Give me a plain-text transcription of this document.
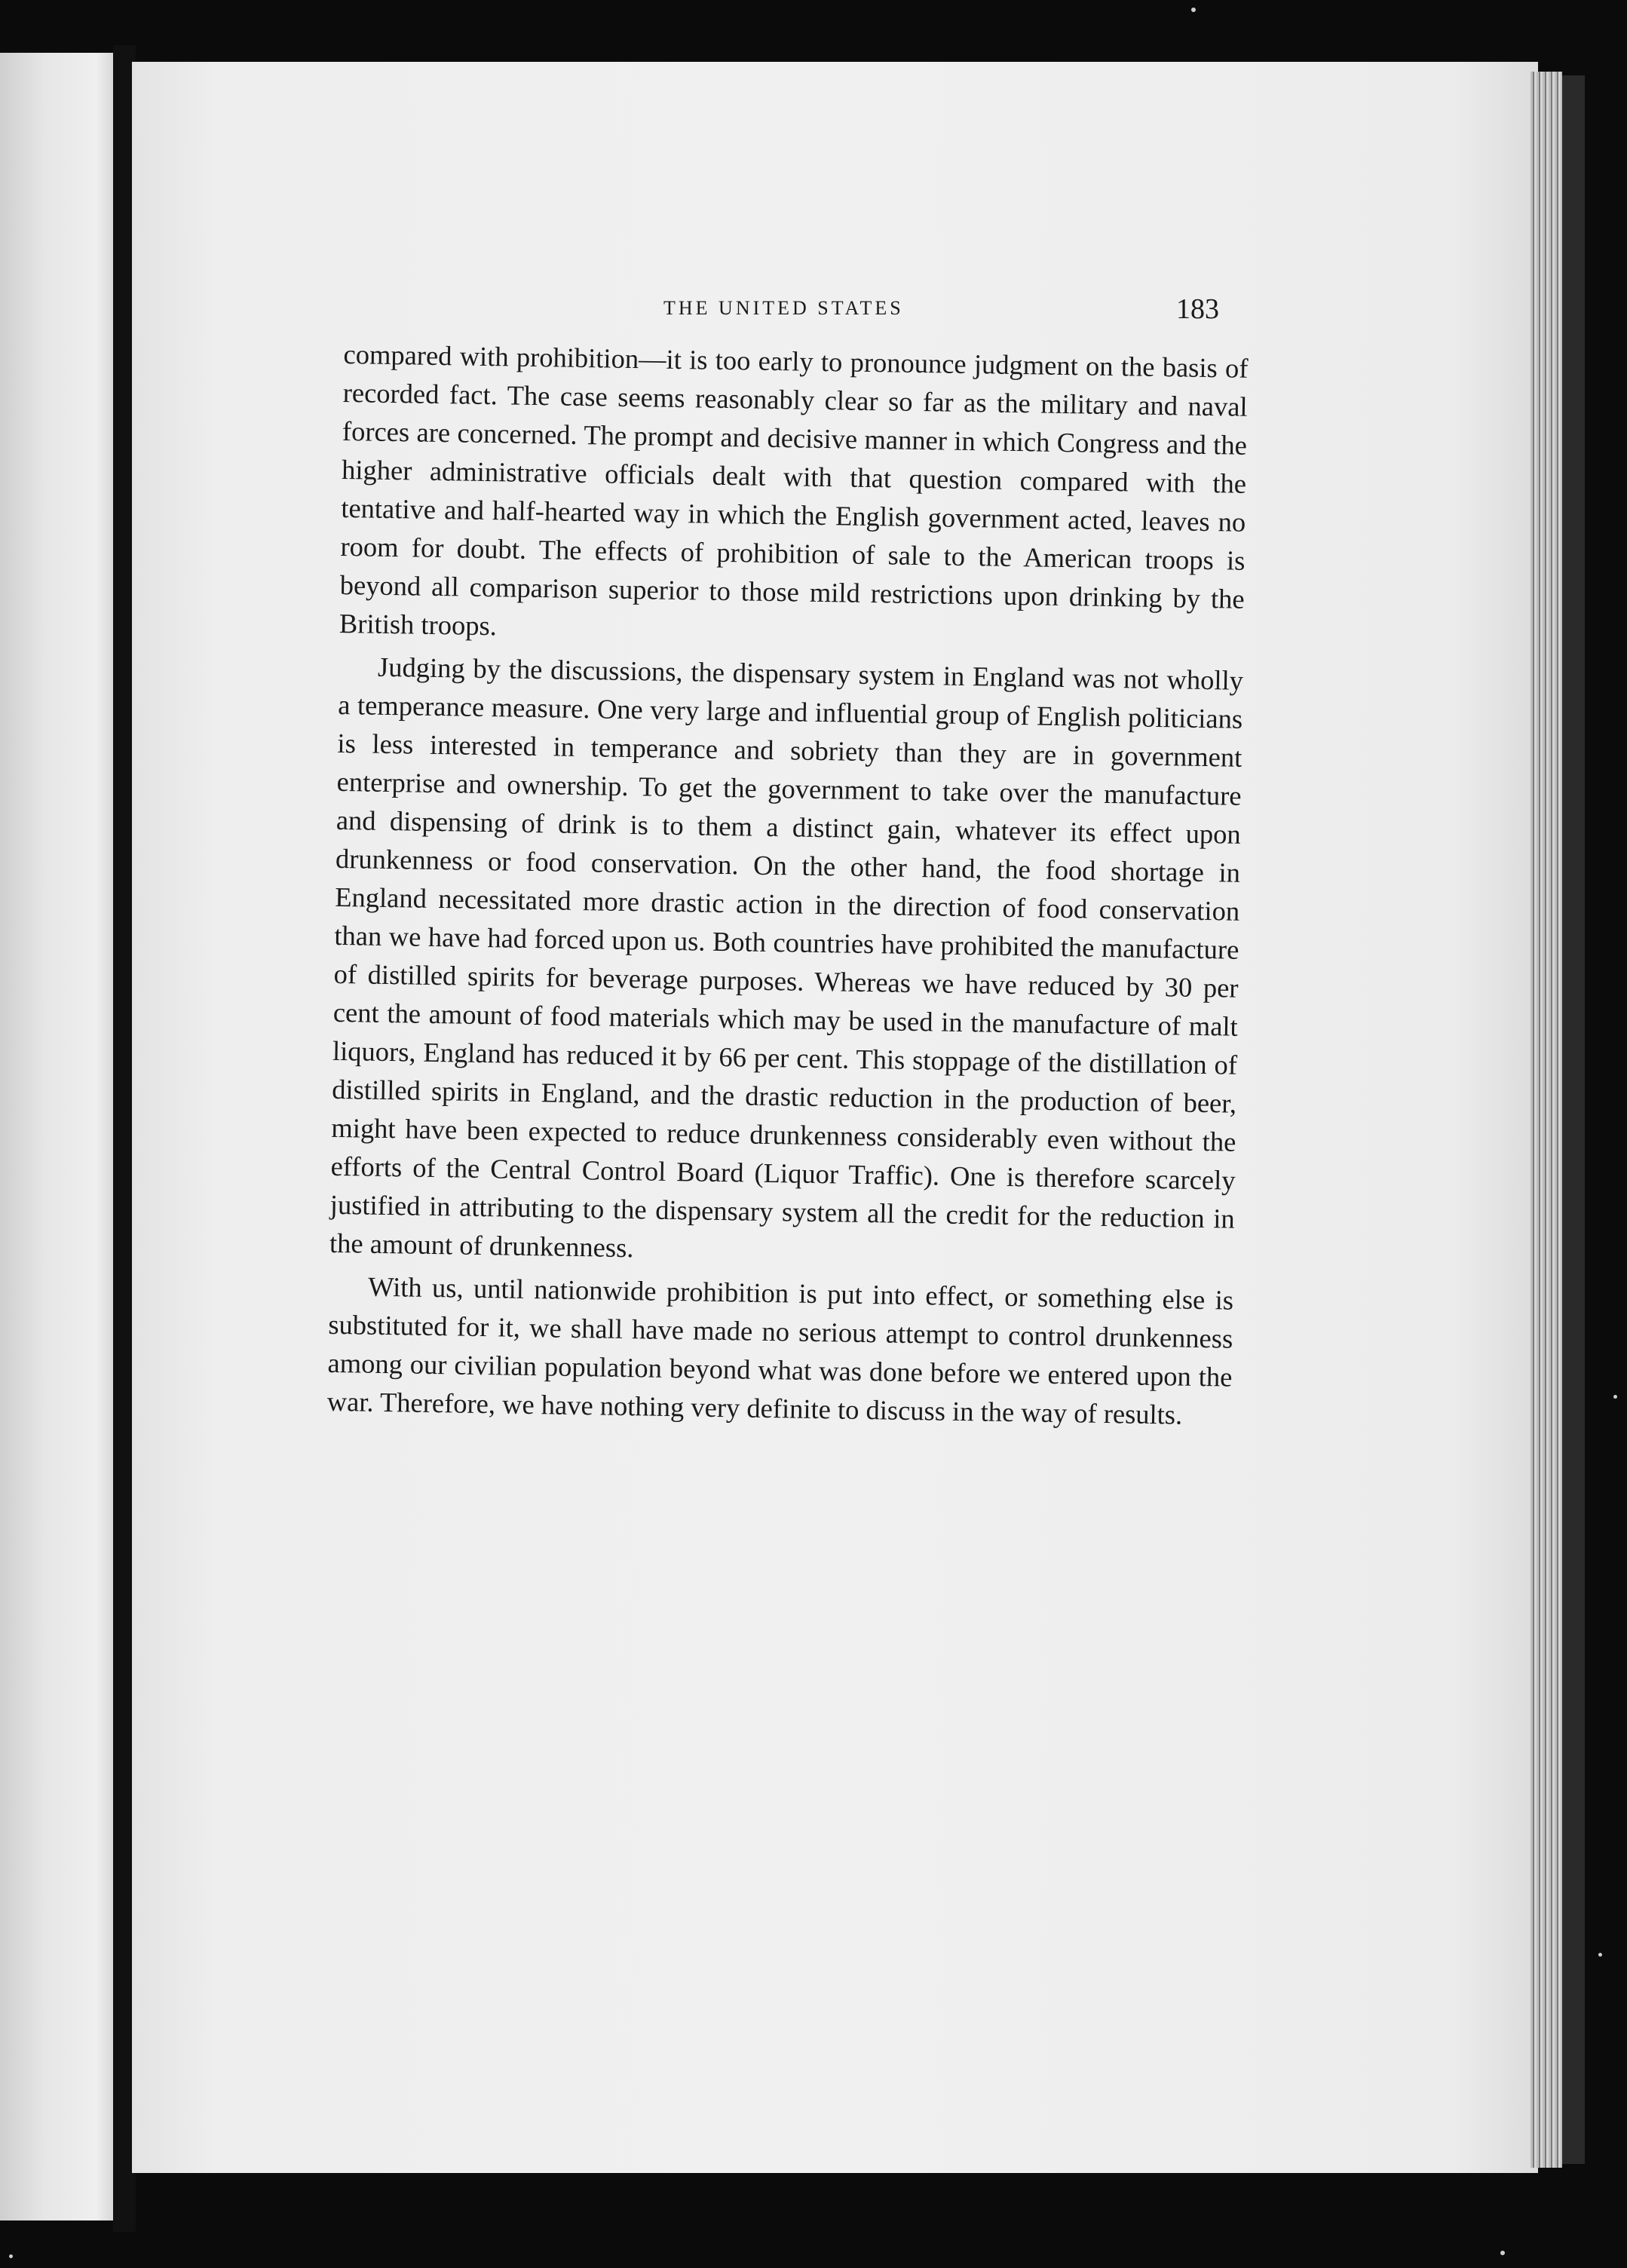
THE UNITED STATES	183

compared with prohibition—it is too early to pronounce judgment on the basis of recorded fact. The case seems reasonably clear so far as the military and naval forces are concerned. The prompt and decisive manner in which Congress and the higher administrative officials dealt with that question compared with the tentative and half-hearted way in which the English government acted, leaves no room for doubt. The effects of prohibition of sale to the American troops is beyond all comparison superior to those mild restrictions upon drinking by the British troops.

Judging by the discussions, the dispensary system in England was not wholly a temperance measure. One very large and influential group of English politicians is less interested in temperance and sobriety than they are in government enterprise and ownership. To get the government to take over the manufacture and dispensing of drink is to them a distinct gain, whatever its effect upon drunkenness or food conservation. On the other hand, the food shortage in England necessitated more drastic action in the direction of food conservation than we have had forced upon us. Both countries have prohibited the manufacture of distilled spirits for beverage purposes. Whereas we have reduced by 30 per cent the amount of food materials which may be used in the manufacture of malt liquors, England has reduced it by 66 per cent. This stoppage of the distillation of distilled spirits in England, and the drastic reduction in the production of beer, might have been expected to reduce drunkenness considerably even without the efforts of the Central Control Board (Liquor Traffic). One is therefore scarcely justified in attributing to the dispensary system all the credit for the reduction in the amount of drunkenness.

With us, until nationwide prohibition is put into effect, or something else is substituted for it, we shall have made no serious attempt to control drunkenness among our civilian population beyond what was done before we entered upon the war. Therefore, we have nothing very definite to discuss in the way of results.
